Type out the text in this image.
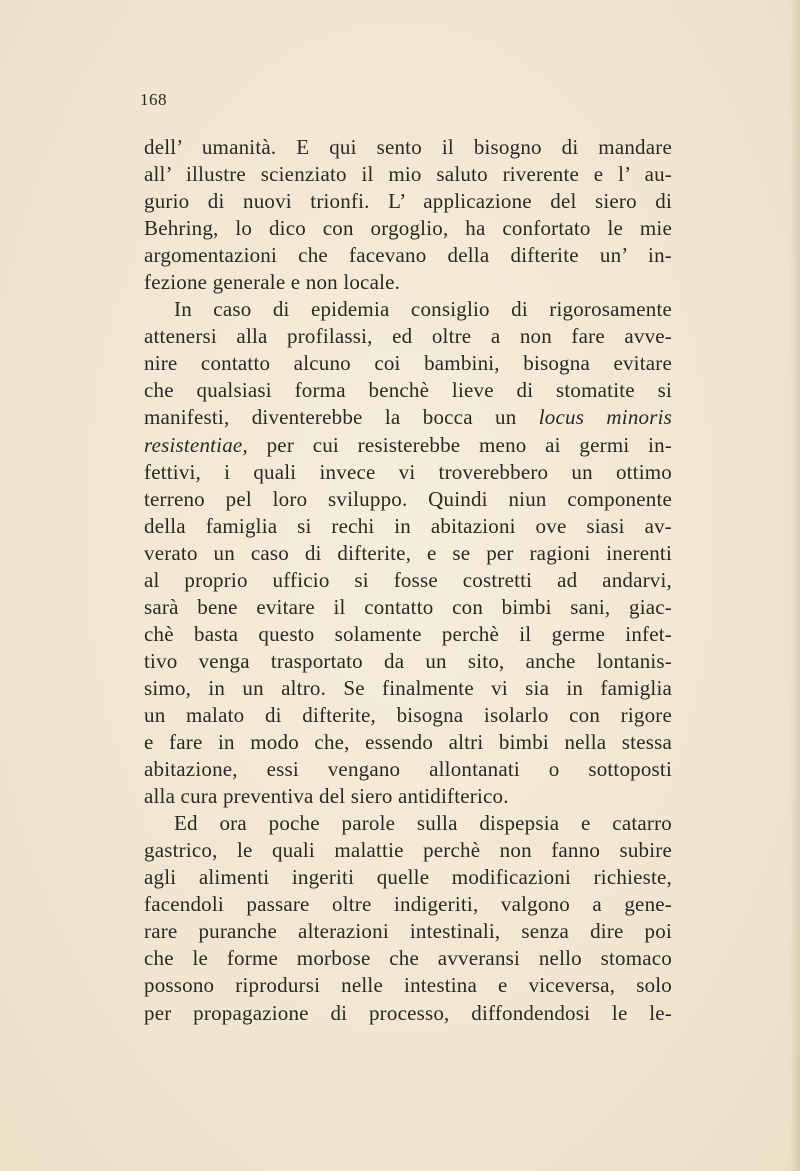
168
dell’ umanità. E qui sento il bisogno di mandare
all’ illustre scienziato il mio saluto riverente e l’ au-
gurio di nuovi trionfi. L’ applicazione del siero di
Behring, lo dico con orgoglio, ha confortato le mie
argomentazioni che facevano della difterite un’ in-
fezione generale e non locale.
In caso di epidemia consiglio di rigorosamente
attenersi alla profilassi, ed oltre a non fare avve-
nire contatto alcuno coi bambini, bisogna evitare
che qualsiasi forma benchè lieve di stomatite si
manifesti, diventerebbe la bocca un locus minoris
resistentiae, per cui resisterebbe meno ai germi in-
fettivi, i quali invece vi troverebbero un ottimo
terreno pel loro sviluppo. Quindi niun componente
della famiglia si rechi in abitazioni ove siasi av-
verato un caso di difterite, e se per ragioni inerenti
al proprio ufficio si fosse costretti ad andarvi,
sarà bene evitare il contatto con bimbi sani, giac-
chè basta questo solamente perchè il germe infet-
tivo venga trasportato da un sito, anche lontanis-
simo, in un altro. Se finalmente vi sia in famiglia
un malato di difterite, bisogna isolarlo con rigore
e fare in modo che, essendo altri bimbi nella stessa
abitazione, essi vengano allontanati o sottoposti
alla cura preventiva del siero antidifterico.
Ed ora poche parole sulla dispepsia e catarro
gastrico, le quali malattie perchè non fanno subire
agli alimenti ingeriti quelle modificazioni richieste,
facendoli passare oltre indigeriti, valgono a gene-
rare puranche alterazioni intestinali, senza dire poi
che le forme morbose che avveransi nello stomaco
possono riprodursi nelle intestina e viceversa, solo
per propagazione di processo, diffondendosi le le-
